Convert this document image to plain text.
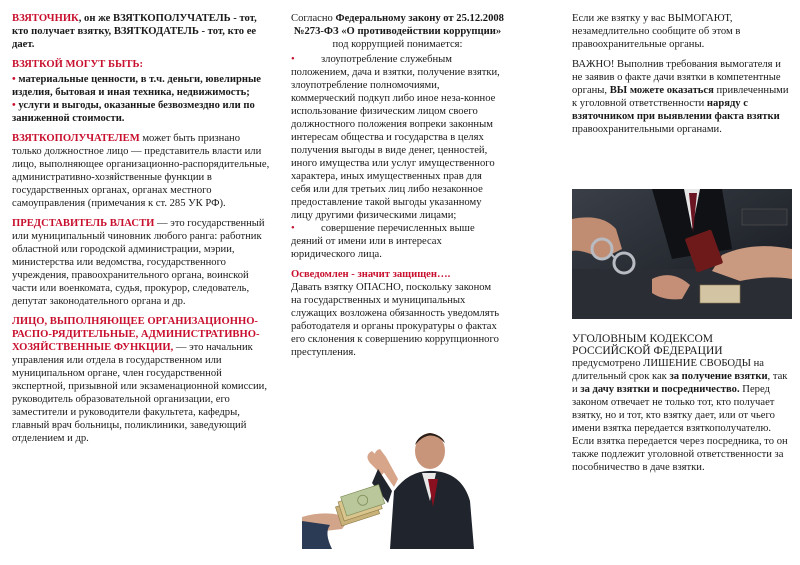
ВЗЯТОЧНИК, он же ВЗЯТКОПОЛУЧАТЕЛЬ - тот, кто получает взятку, ВЗЯТКОДАТЕЛЬ - тот, кто ее дает.

ВЗЯТКОЙ МОГУТ БЫТЬ:

• материальные ценности, в т.ч. деньги, ювелирные изделия, бытовая и иная техника, недвижимость;
• услуги и выгоды, оказанные безвозмездно или по заниженной стоимости.

ВЗЯТКОПОЛУЧАТЕЛЕМ может быть признано только должностное лицо — представитель власти или лицо, выполняющее организационно-распорядительные, административно-хозяйственные функции в государственных органах, органах местного самоуправления (примечания к ст. 285 УК РФ).

ПРЕДСТАВИТЕЛЬ ВЛАСТИ — это государственный или муниципальный чиновник любого ранга: работник областной или городской администрации, мэрии, министерства или ведомства, государственного учреждения, правоохранительного органа, воинской части или военкомата, судья, прокурор, следователь, депутат законодательного органа и др.

ЛИЦО, ВЫПОЛНЯЮЩЕЕ ОРГАНИЗАЦИОННО-РАСПО-РЯДИТЕЛЬНЫЕ, АДМИНИСТРАТИВНО-ХОЗЯЙСТВЕННЫЕ ФУНКЦИИ, — это начальник управления или отдела в государственном или муниципальном органе, член государственной экспертной, призывной или экзаменационной комиссии, руководитель образовательной организации, его заместители и руководители факультета, кафедры, главный врач больницы, поликлиники, заведующий отделением и др.

Согласно Федеральному закону от 25.12.2008 №273-ФЗ «О противодействии коррупции» под коррупцией понимается:

•	злоупотребление служебным положением, дача и взятки, получение взятки, злоупотребление полномочиями, коммерческий подкуп либо иное неза-конное использование физическим лицом своего должностного положения вопреки законным интересам общества и государства в целях получения выгоды в виде денег, ценностей, иного имущества или услуг имущественного характера, иных имущественных прав для себя или для третьих лиц либо незаконное предоставление такой выгоды указанному лицу другими физическими лицами;
•	совершение перечисленных выше деяний от имени или в интересах юридического лица.
Осведомлен - значит защищен….

Давать взятку ОПАСНО, поскольку законом на государственных и муниципальных служащих возложена обязанность уведомлять работодателя и органы прокуратуры о фактах его склонения к совершению коррупционного преступления.

Если же взятку у вас ВЫМОГАЮТ, незамедлительно сообщите об этом в правоохранительные органы.

ВАЖНО! Выполнив требования вымогателя и не заявив о факте дачи взятки в компетентные органы, ВЫ можете оказаться привлеченными к уголовной ответственности наряду с взяточником при выявлении факта взятки правоохранительными органами.

УГОЛОВНЫМ КОДЕКСОМ РОССИЙСКОЙ ФЕДЕРАЦИИ

предусмотрено ЛИШЕНИЕ СВОБОДЫ на длительный срок как за получение взятки, так и за дачу взятки и посредничество. Перед законом отвечает не только тот, кто получает взятку, но и тот, кто взятку дает, или от чьего имени взятка передается взяткополучателю. Если взятка передается через посредника, то он также подлежит уголовной ответственности за пособничество в даче взятки.
